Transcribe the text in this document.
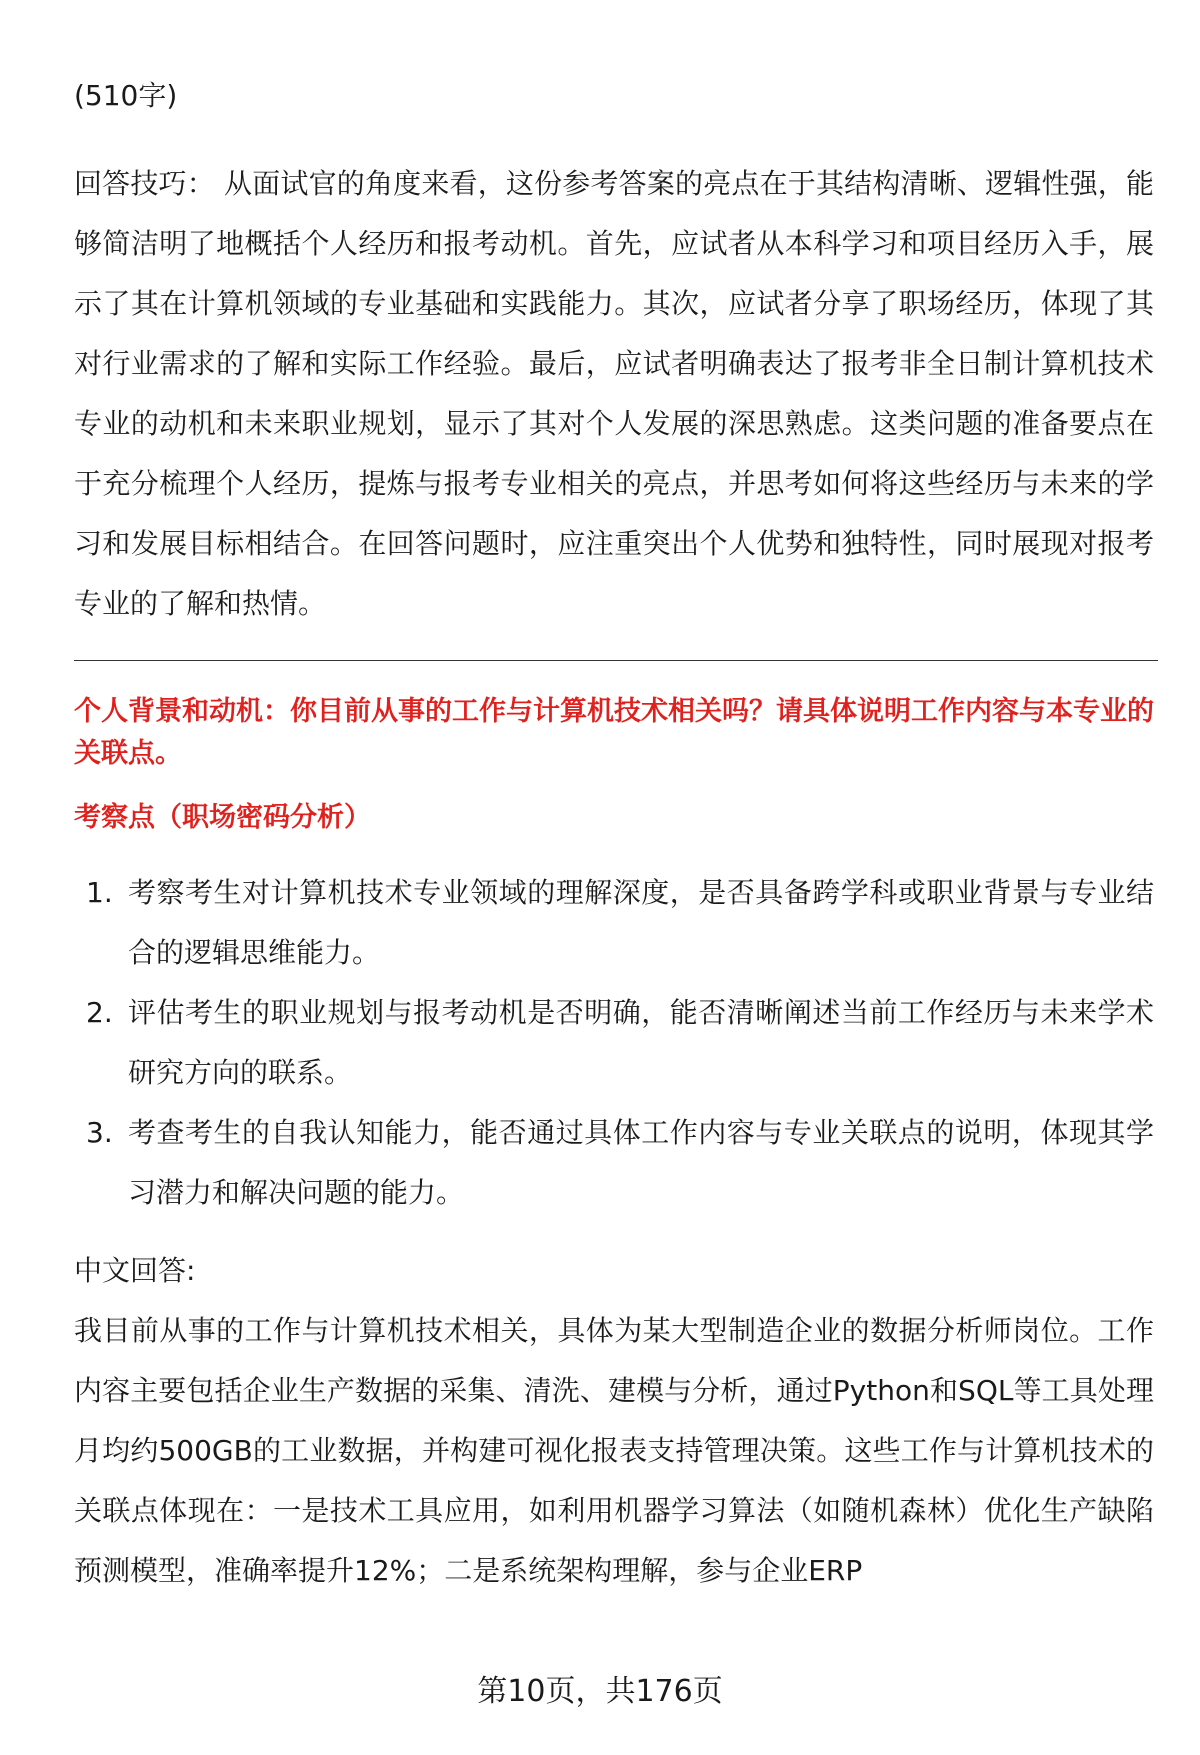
(510字)

回答技巧： 从面试官的角度来看，这份参考答案的亮点在于其结构清晰、逻辑性强，能够简洁明了地概括个人经历和报考动机。首先，应试者从本科学习和项目经历入手，展示了其在计算机领域的专业基础和实践能力。其次，应试者分享了职场经历，体现了其对行业需求的了解和实际工作经验。最后，应试者明确表达了报考非全日制计算机技术专业的动机和未来职业规划，显示了其对个人发展的深思熟虑。这类问题的准备要点在于充分梳理个人经历，提炼与报考专业相关的亮点，并思考如何将这些经历与未来的学习和发展目标相结合。在回答问题时，应注重突出个人优势和独特性，同时展现对报考专业的了解和热情。

个人背景和动机：你目前从事的工作与计算机技术相关吗？请具体说明工作内容与本专业的关联点。
考察点（职场密码分析）
1. 考察考生对计算机技术专业领域的理解深度，是否具备跨学科或职业背景与专业结合的逻辑思维能力。
2. 评估考生的职业规划与报考动机是否明确，能否清晰阐述当前工作经历与未来学术研究方向的联系。
3. 考查考生的自我认知能力，能否通过具体工作内容与专业关联点的说明，体现其学习潜力和解决问题的能力。

中文回答:

我目前从事的工作与计算机技术相关，具体为某大型制造企业的数据分析师岗位。工作内容主要包括企业生产数据的采集、清洗、建模与分析，通过Python和SQL等工具处理月均约500GB的工业数据，并构建可视化报表支持管理决策。这些工作与计算机技术的关联点体现在：一是技术工具应用，如利用机器学习算法（如随机森林）优化生产缺陷预测模型，准确率提升12%；二是系统架构理解，参与企业ERP

第10页，共176页
